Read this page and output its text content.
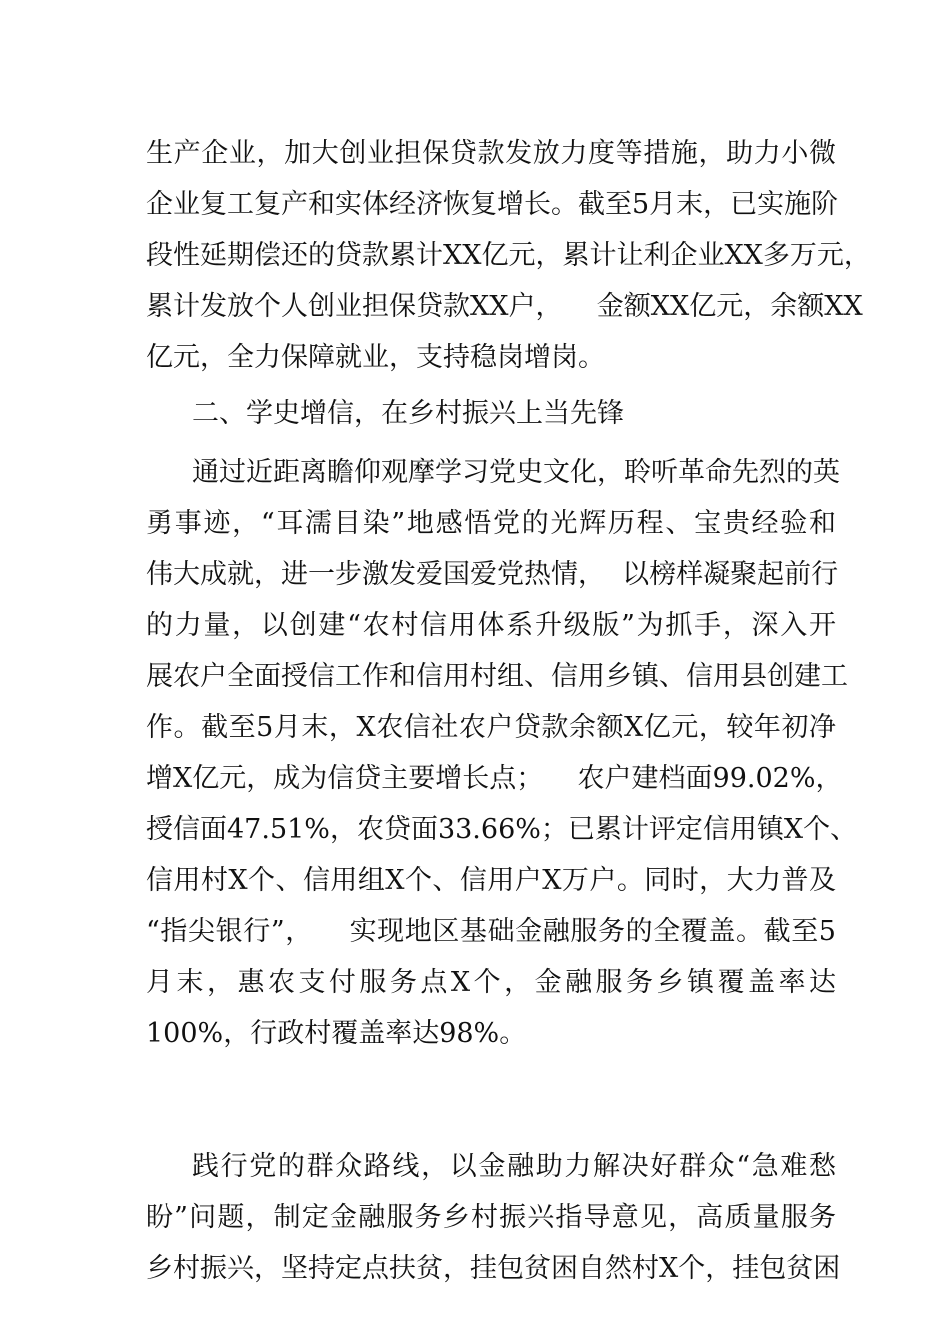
生产企业，加大创业担保贷款发放力度等措施，助力小微
企业复工复产和实体经济恢复增长。截至5月末，已实施阶
段性延期偿还的贷款累计XX亿元，累计让利企业XX多万元，
累计发放个人创业担保贷款XX户，    金额XX亿元，余额XX
亿元，全力保障就业，支持稳岗增岗。
二、学史增信，在乡村振兴上当先锋
通过近距离瞻仰观摩学习党史文化，聆听革命先烈的英
勇事迹，“耳濡目染”地感悟党的光辉历程、宝贵经验和
伟大成就，进一步激发爱国爱党热情，  以榜样凝聚起前行
的力量，以创建“农村信用体系升级版”为抓手，深入开
展农户全面授信工作和信用村组、信用乡镇、信用县创建工
作。截至5月末，X农信社农户贷款余额X亿元，较年初净
增X亿元，成为信贷主要增长点；    农户建档面99.02%，
授信面47.51%，农贷面33.66%；已累计评定信用镇X个、
信用村X个、信用组X个、信用户X万户。同时，大力普及
“指尖银行”，    实现地区基础金融服务的全覆盖。截至5
月末，惠农支付服务点X个，金融服务乡镇覆盖率达
100%，行政村覆盖率达98%。
践行党的群众路线，以金融助力解决好群众“急难愁
盼”问题，制定金融服务乡村振兴指导意见，高质量服务
乡村振兴，坚持定点扶贫，挂包贫困自然村X个，挂包贫困
